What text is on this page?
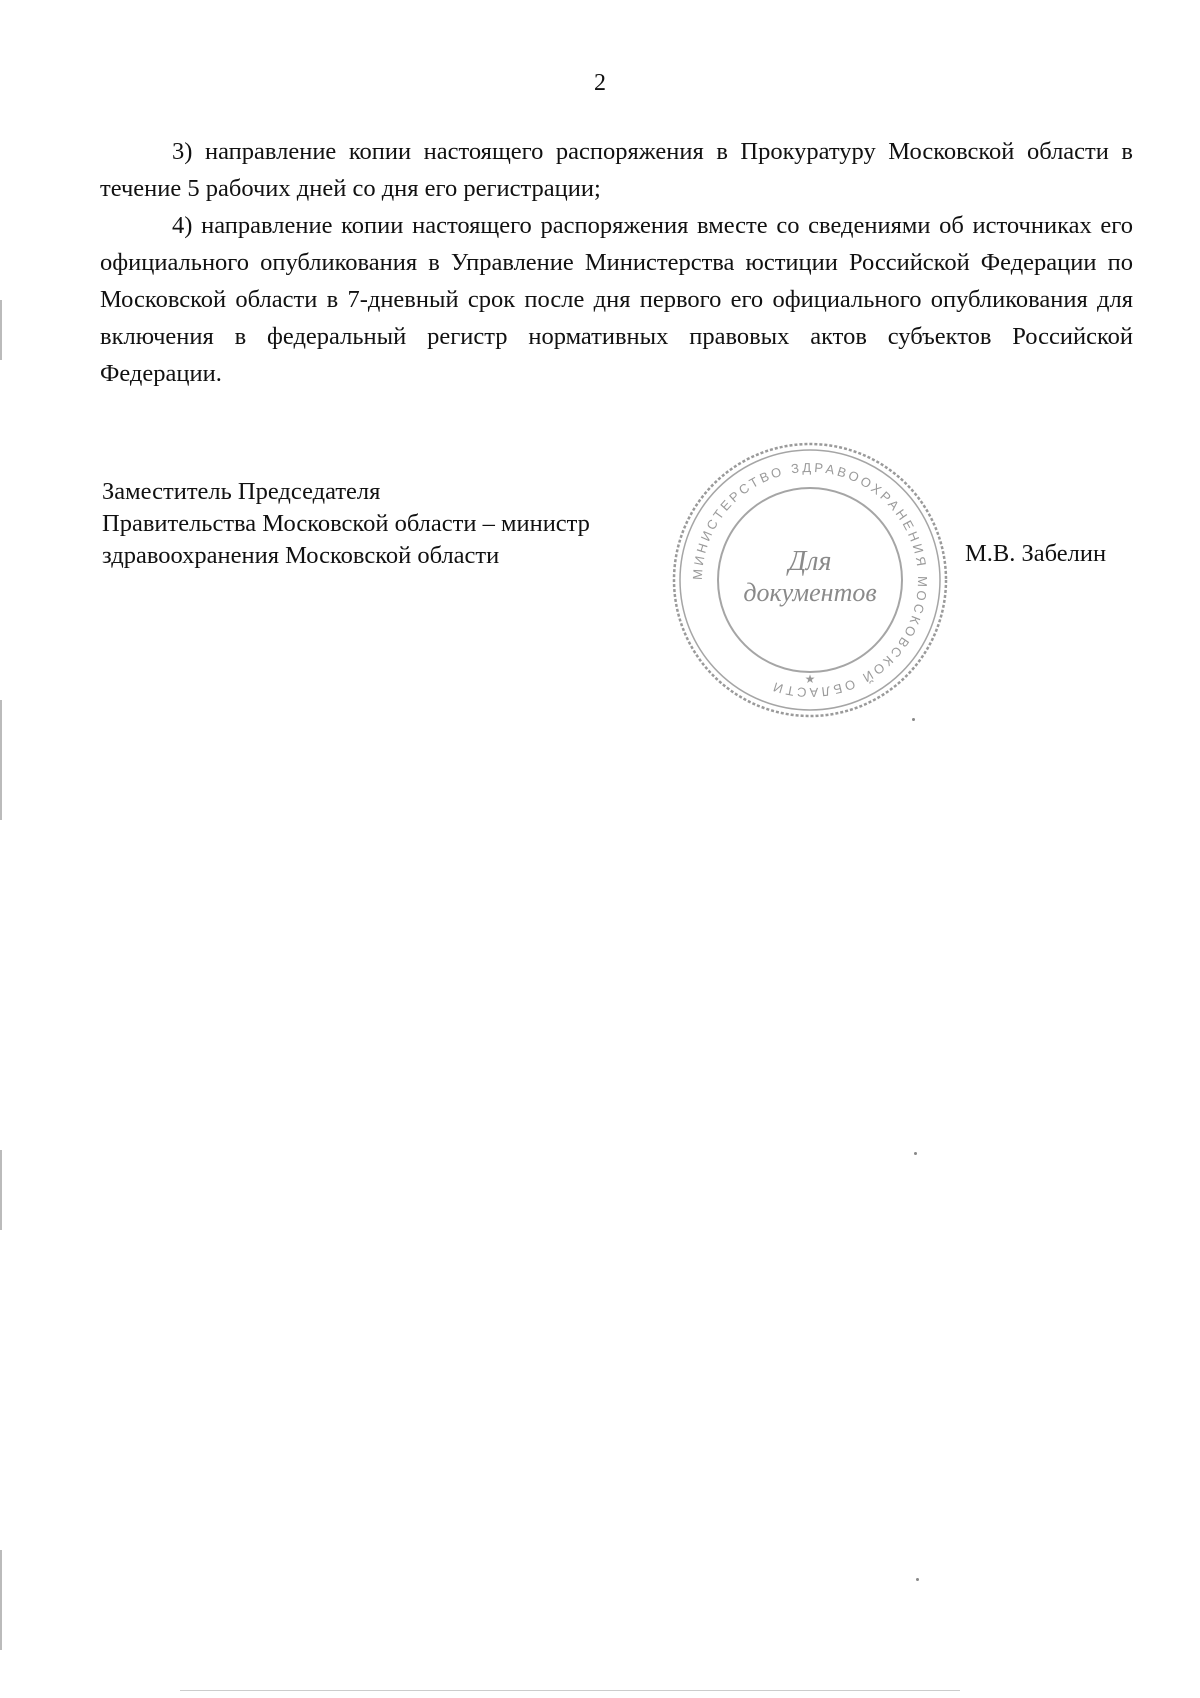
2

3) направление копии настоящего распоряжения в Прокуратуру Московской области в течение 5 рабочих дней со дня его регистрации;

4) направление копии настоящего распоряжения вместе со сведениями об источниках его официального опубликования в Управление Министерства юстиции Российской Федерации по Московской области в 7-дневный срок после дня первого его официального опубликования для включения в федеральный регистр нормативных правовых актов субъектов Российской Федерации.

Заместитель Председателя
Правительства Московской области – министр
здравоохранения Московской области
МИНИСТЕРСТВО ЗДРАВООХРАНЕНИЯ МОСКОВСКОЙ ОБЛАСТИ
Для
документов
★
М.В. Забелин
